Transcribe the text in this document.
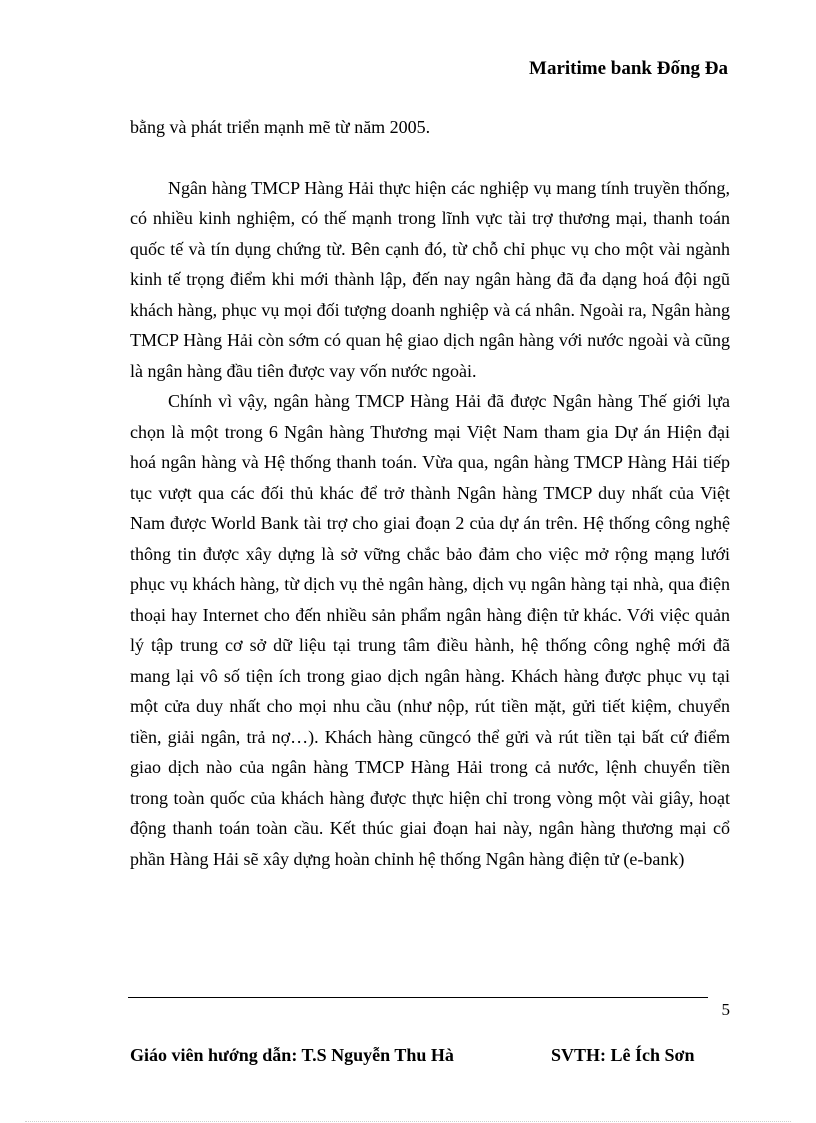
Maritime bank Đống Đa

bằng và phát triển mạnh mẽ từ năm 2005.

Ngân hàng TMCP Hàng Hải thực hiện các nghiệp vụ mang tính truyền thống, có nhiều kinh nghiệm, có thế mạnh trong lĩnh vực tài trợ thương mại, thanh toán quốc tế và tín dụng chứng từ. Bên cạnh đó, từ chỗ chỉ phục vụ cho một vài ngành kinh tế trọng điểm khi mới thành lập, đến nay ngân hàng đã đa dạng hoá đội ngũ khách hàng, phục vụ mọi đối tượng doanh nghiệp và cá nhân. Ngoài ra, Ngân hàng TMCP Hàng Hải còn sớm có quan hệ giao dịch ngân hàng với nước ngoài và cũng là ngân hàng đầu tiên được vay vốn nước ngoài.

Chính vì vậy, ngân hàng TMCP Hàng Hải đã được Ngân hàng Thế giới lựa chọn là một trong 6 Ngân hàng Thương mại Việt Nam tham gia Dự án Hiện đại hoá ngân hàng và Hệ thống thanh toán. Vừa qua, ngân hàng TMCP Hàng Hải tiếp tục vượt qua các đối thủ khác để trở thành Ngân hàng TMCP duy nhất của Việt Nam được World Bank tài trợ cho giai đoạn 2 của dự án trên. Hệ thống công nghệ thông tin được xây dựng là sở vững chắc bảo đảm cho việc mở rộng mạng lưới phục vụ khách hàng, từ dịch vụ thẻ ngân hàng, dịch vụ ngân hàng tại nhà, qua điện thoại hay Internet cho đến nhiều sản phẩm ngân hàng điện tử khác. Với việc quản lý tập trung cơ sở dữ liệu tại trung tâm điều hành, hệ thống công nghệ mới đã mang lại vô số tiện ích trong giao dịch ngân hàng. Khách hàng được phục vụ tại một cửa duy nhất cho mọi nhu cầu (như nộp, rút tiền mặt, gửi tiết kiệm, chuyển tiền, giải ngân, trả nợ…). Khách hàng cũngcó thể gửi và rút tiền tại bất cứ điểm giao dịch nào của ngân hàng TMCP Hàng Hải trong cả nước, lệnh chuyển tiền trong toàn quốc của khách hàng được thực hiện chỉ trong vòng một vài giây, hoạt động thanh toán toàn cầu. Kết thúc giai đoạn hai này, ngân hàng thương mại cổ phần Hàng Hải sẽ xây dựng hoàn chỉnh hệ thống Ngân hàng điện tử (e-bank)

5
Giáo viên hướng dẫn: T.S Nguyễn Thu Hà	SVTH: Lê Ích Sơn
